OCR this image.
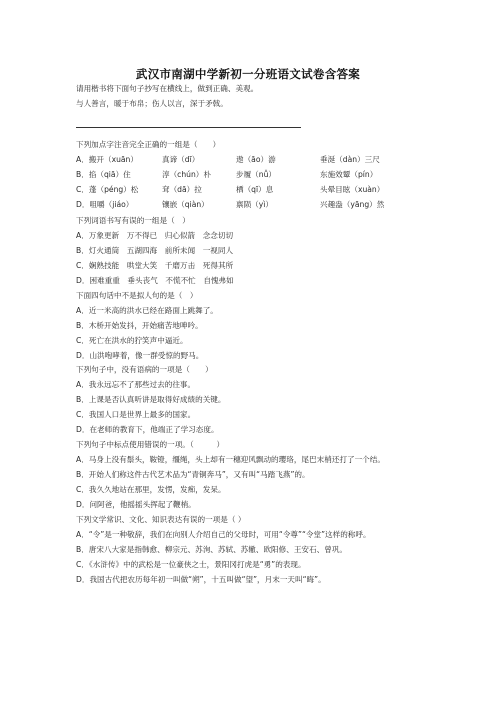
武汉市南湖中学新初一分班语文试卷含答案
请用楷书将下面句子抄写在横线上，做到正确、美观。
与人善言，暖于布帛；伤人以言，深于矛戟。
下列加点字注音完全正确的一组是（　　）
A．搬开（xuān）	真谛（dī）	遨（āo）游	垂涎（dàn）三尺
B．掐（qiā）住	淳（chún）朴	步履（nǚ）	东施效颦（pín）
C．蓬（péng）松	耷（dā）拉	栖（qī）息	头晕目眩（xuàn）
D．咀嚼（jiáo）	镶嵌（qiàn）	禀陨（yì）	兴趣盎（yāng）然
下列词语书写有误的一组是（　）
A．万象更新　万不得已　归心似箭　念念切切
B．灯火通筒　五湖四海　前所未闻　一视同人
C．娴熟技能　哄堂大笑　千磨万击　死得其所
D．困难重重　垂头丧气　不慌不忙　自愧弗如
下面四句话中不是拟人句的是（　）
A．近一米高的洪水已经在路面上跳舞了。
B．木桥开始发抖，开始痛苦地呻吟。
C．死亡在洪水的狞笑声中逼近。
D．山洪咆哮着，像一群受惊的野马。
下列句子中，没有语病的一项是（　　）
A．我永远忘不了那些过去的往事。
B．上课是否认真听讲是取得好成绩的关键。
C．我国人口是世界上最多的国家。
D．在老师的教育下，他端正了学习态度。
下列句子中标点使用错误的一项。（　　　）
A．马身上没有鬃头，鞍镫，缰绳，头上却有一穗迎风飘动的璎珞，尾巴末梢还打了一个结。
B．开始人们称这件古代艺术品为“青铜奔马”，又有叫“马踏飞燕”的。
C．我久久地站在那里，发愣，发痴，发呆。
D．问阿爸，他摇摇头挥起了鞭梢。
下列文学常识、文化、知识表达有误的一项是（ ）
A．“令”是一种敬辞，我们在向别人介绍自己的父母时，可用“令尊”“令堂”这样的称呼。
B．唐宋八大家是指韩愈、柳宗元、苏洵、苏轼、苏辙、欧阳修、王安石、曾巩。
C．《水浒传》中的武松是一位豪侠之士，景阳冈打虎是“勇”的表现。
D．我国古代把农历每年初一叫做“朔”，十五叫做“望”，月末一天叫“晦”。
